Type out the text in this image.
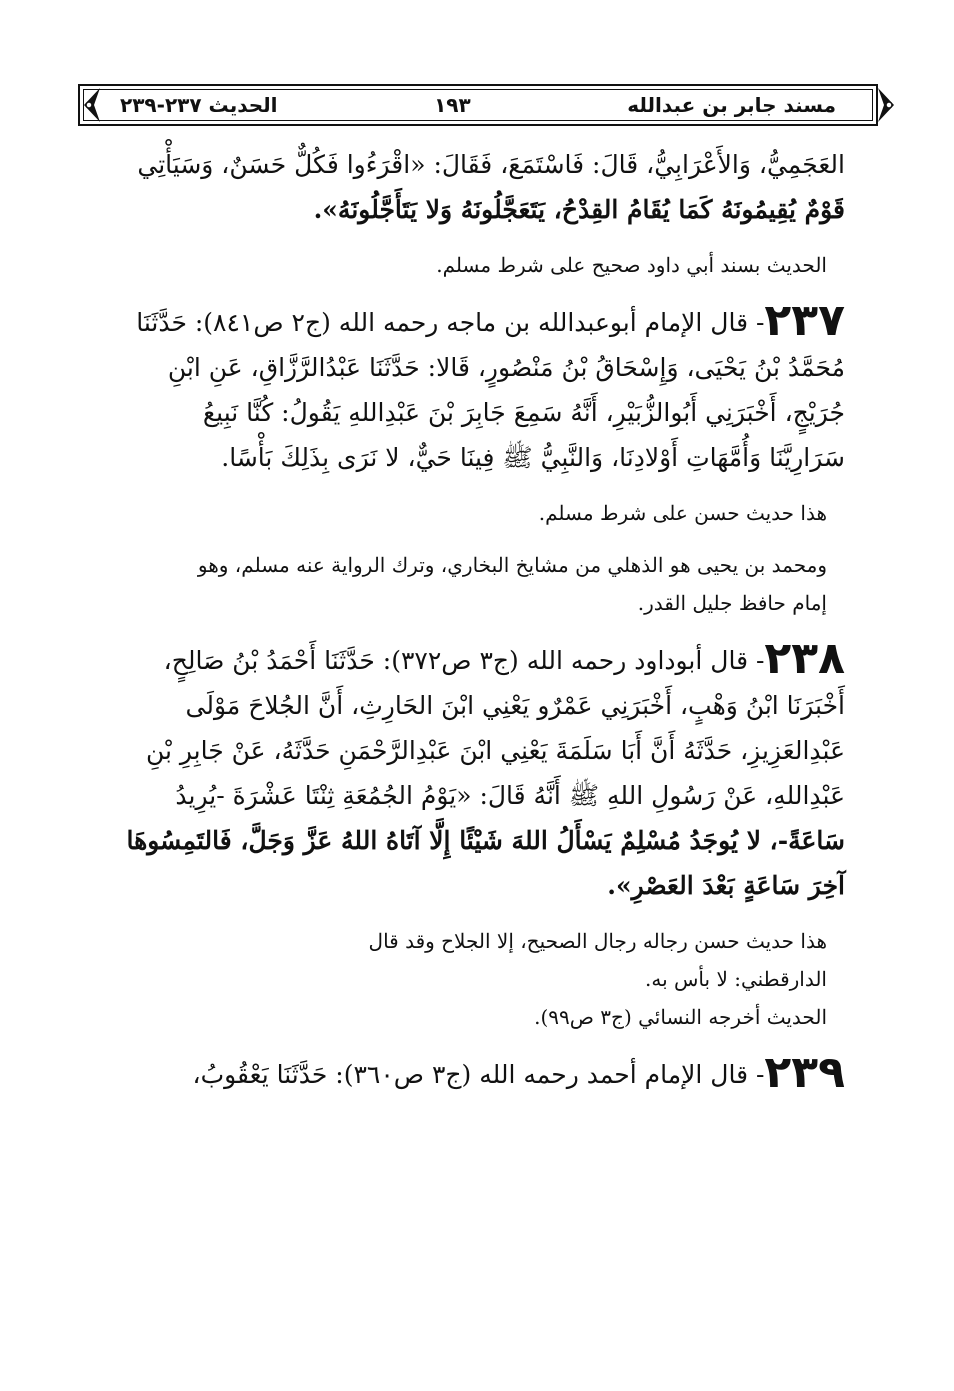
مسند جابر بن عبدالله
١٩٣
الحديث ٢٣٧-٢٣٩

العَجَمِيُّ، وَالأَعْرَابِيُّ، قَالَ: فَاسْتَمَعَ، فَقَالَ: «اقْرَءُوا فَكُلٌّ حَسَنٌ، وَسَيَأْتِي

قَوْمٌ يُقِيمُونَهُ كَمَا يُقَامُ القِدْحُ، يَتَعَجَّلُونَهُ وَلا يَتَأَجَّلُونَهُ».

الحديث بسند أبي داود صحيح على شرط مسلم.

٢٣٧- قال الإمام أبوعبدالله بن ماجه رحمه الله (ج٢ ص٨٤١): حَدَّثَنَا

مُحَمَّدُ بْنُ يَحْيَى، وَإِسْحَاقُ بْنُ مَنْصُورٍ، قَالا: حَدَّثَنَا عَبْدُالرَّزَّاقِ، عَنِ ابْنِ

جُرَيْجٍ، أَخْبَرَنِي أَبُوالزُّبَيْرِ، أَنَّهُ سَمِعَ جَابِرَ بْنَ عَبْدِاللهِ يَقُولُ: كُنَّا نَبِيعُ

سَرَارِيَّنَا وَأُمَّهَاتِ أَوْلادِنَا، وَالنَّبِيُّ ﷺ فِينَا حَيٌّ، لا نَرَى بِذَلِكَ بَأْسًا.

هذا حديث حسن على شرط مسلم.

ومحمد بن يحيى هو الذهلي من مشايخ البخاري، وترك الرواية عنه مسلم، وهو

إمام حافظ جليل القدر.

٢٣٨- قال أبوداود رحمه الله (ج٣ ص٣٧٢): حَدَّثَنَا أَحْمَدُ بْنُ صَالِحٍ،

أَخْبَرَنَا ابْنُ وَهْبٍ، أَخْبَرَنِي عَمْرٌو يَعْنِي ابْنَ الحَارِثِ، أَنَّ الجُلاحَ مَوْلَى

عَبْدِالعَزِيزِ، حَدَّثَهُ أَنَّ أَبَا سَلَمَةَ يَعْنِي ابْنَ عَبْدِالرَّحْمَنِ حَدَّثَهُ، عَنْ جَابِرِ بْنِ

عَبْدِاللهِ، عَنْ رَسُولِ اللهِ ﷺ أَنَّهُ قَالَ: «يَوْمُ الجُمُعَةِ ثِنْتَا عَشْرَةَ -يُرِيدُ

سَاعَةً-، لا يُوجَدُ مُسْلِمٌ يَسْأَلُ اللهَ شَيْئًا إِلَّا آتَاهُ اللهُ عَزَّ وَجَلَّ، فَالتَمِسُوهَا

آخِرَ سَاعَةٍ بَعْدَ العَصْرِ».

هذا حديث حسن رجاله رجال الصحيح، إلا الجلاح وقد قال

الدارقطني: لا بأس به.

الحديث أخرجه النسائي (ج٣ ص٩٩).

٢٣٩- قال الإمام أحمد رحمه الله (ج٣ ص٣٦٠): حَدَّثَنَا يَعْقُوبُ،
